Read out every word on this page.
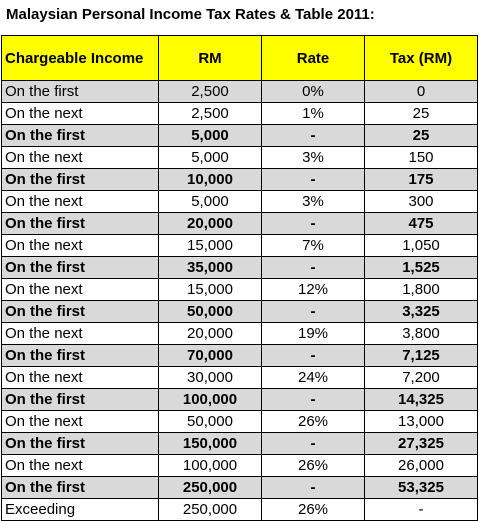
Malaysian Personal Income Tax Rates & Table 2011:
Chargeable Income	RM	Rate	Tax (RM)
On the first	2,500	0%	0
On the next	2,500	1%	25
On the first	5,000	-	25
On the next	5,000	3%	150
On the first	10,000	-	175
On the next	5,000	3%	300
On the first	20,000	-	475
On the next	15,000	7%	1,050
On the first	35,000	-	1,525
On the next	15,000	12%	1,800
On the first	50,000	-	3,325
On the next	20,000	19%	3,800
On the first	70,000	-	7,125
On the next	30,000	24%	7,200
On the first	100,000	-	14,325
On the next	50,000	26%	13,000
On the first	150,000	-	27,325
On the next	100,000	26%	26,000
On the first	250,000	-	53,325
Exceeding	250,000	26%	-
